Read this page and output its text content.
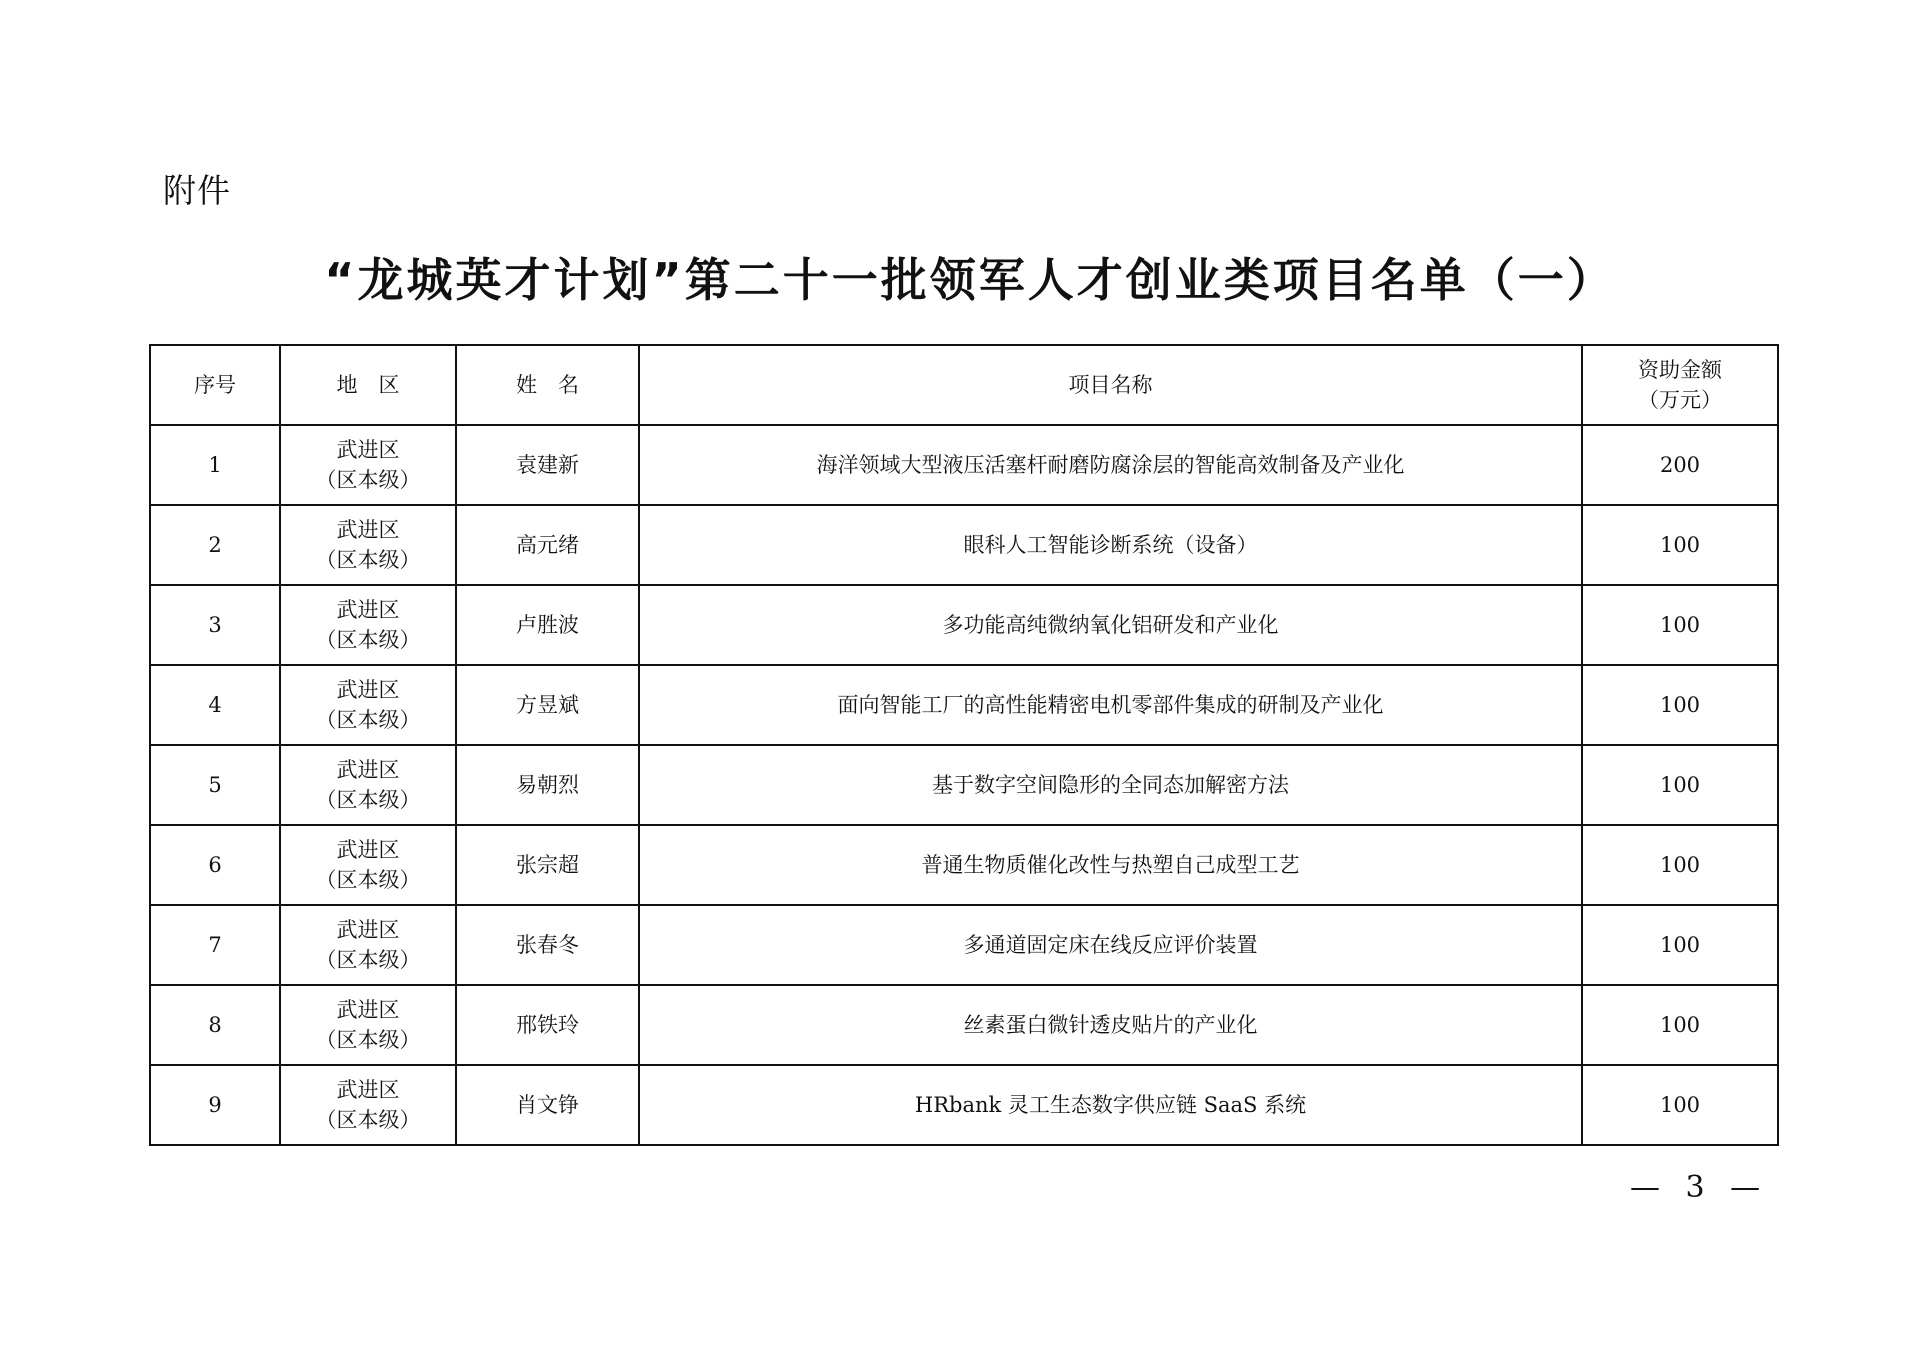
附件
“龙城英才计划”第二十一批领军人才创业类项目名单（一）
序号	地　区	姓　名	项目名称	资助金额
（万元）

1	武进区
（区本级）	袁建新	海洋领域大型液压活塞杆耐磨防腐涂层的智能高效制备及产业化	200
2	武进区
（区本级）	高元绪	眼科人工智能诊断系统（设备）	100
3	武进区
（区本级）	卢胜波	多功能高纯微纳氧化铝研发和产业化	100
4	武进区
（区本级）	方昱斌	面向智能工厂的高性能精密电机零部件集成的研制及产业化	100
5	武进区
（区本级）	易朝烈	基于数字空间隐形的全同态加解密方法	100
6	武进区
（区本级）	张宗超	普通生物质催化改性与热塑自己成型工艺	100
7	武进区
（区本级）	张春冬	多通道固定床在线反应评价装置	100
8	武进区
（区本级）	邢铁玲	丝素蛋白微针透皮贴片的产业化	100
9	武进区
（区本级）	肖文铮	HRbank 灵工生态数字供应链 SaaS 系统	100
— 3 —
